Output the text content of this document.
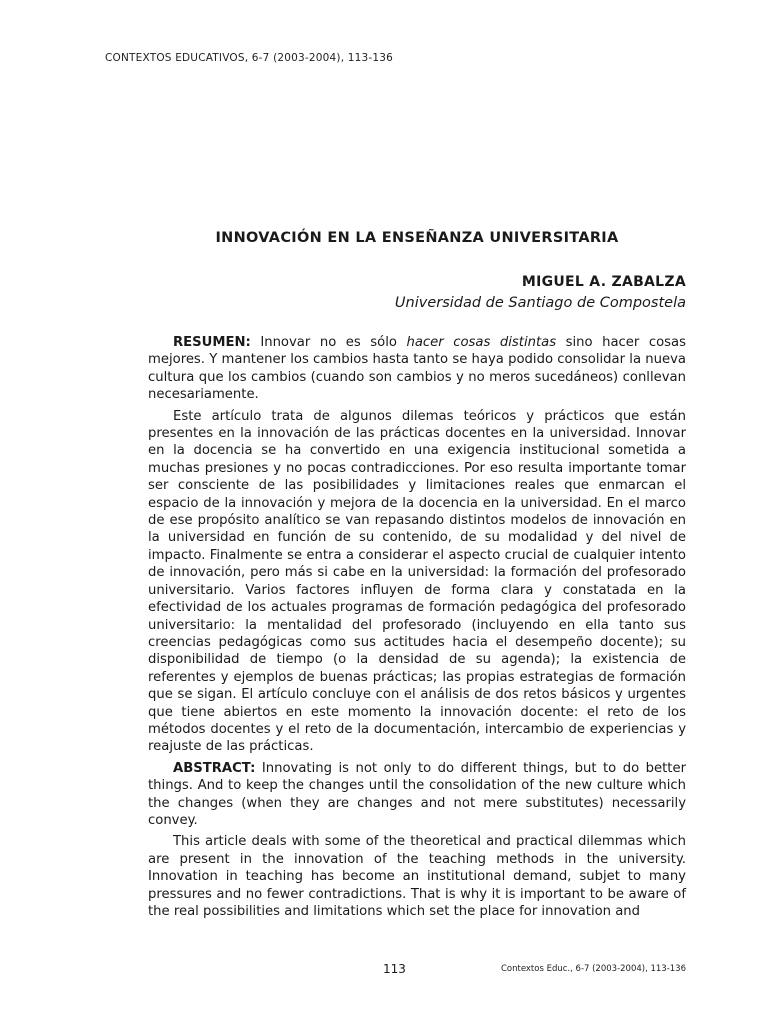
CONTEXTOS EDUCATIVOS, 6-7 (2003-2004), 113-136
INNOVACIÓN EN LA ENSEÑANZA UNIVERSITARIA
MIGUEL A. ZABALZA
Universidad de Santiago de Compostela

RESUMEN: Innovar no es sólo hacer cosas distintas sino hacer cosas mejores. Y mantener los cambios hasta tanto se haya podido consolidar la nueva cultura que los cambios (cuando son cambios y no meros sucedáneos) conllevan necesariamente.

Este artículo trata de algunos dilemas teóricos y prácticos que están presentes en la innovación de las prácticas docentes en la universidad. Innovar en la docencia se ha convertido en una exigencia institucional sometida a muchas presiones y no pocas contradicciones. Por eso resulta importante tomar ser consciente de las posibilidades y limitaciones reales que enmarcan el espacio de la innovación y mejora de la docencia en la universidad. En el marco de ese propósito analítico se van repasando distintos modelos de innovación en la universidad en función de su contenido, de su modalidad y del nivel de impacto. Finalmente se entra a considerar el aspecto crucial de cualquier intento de innovación, pero más si cabe en la universidad: la formación del profesorado universitario. Varios factores influyen de forma clara y constatada en la efectividad de los actuales programas de formación pedagógica del profesorado universitario: la mentalidad del profesorado (incluyendo en ella tanto sus creencias pedagógicas como sus actitudes hacia el desempeño docente); su disponibilidad de tiempo (o la densidad de su agenda); la existencia de referentes y ejemplos de buenas prácticas; las propias estrategias de formación que se sigan. El artículo concluye con el análisis de dos retos básicos y urgentes que tiene abiertos en este momento la innovación docente: el reto de los métodos docentes y el reto de la documentación, intercambio de experiencias y reajuste de las prácticas.

ABSTRACT: Innovating is not only to do different things, but to do better things. And to keep the changes until the consolidation of the new culture which the changes (when they are changes and not mere substitutes) necessarily convey.

This article deals with some of the theoretical and practical dilemmas which are present in the innovation of the teaching methods in the university. Innovation in teaching has become an institutional demand, subjet to many pressures and no fewer contradictions. That is why it is important to be aware of the real possibilities and limitations which set the place for innovation and

113	Contextos Educ., 6-7 (2003-2004), 113-136
